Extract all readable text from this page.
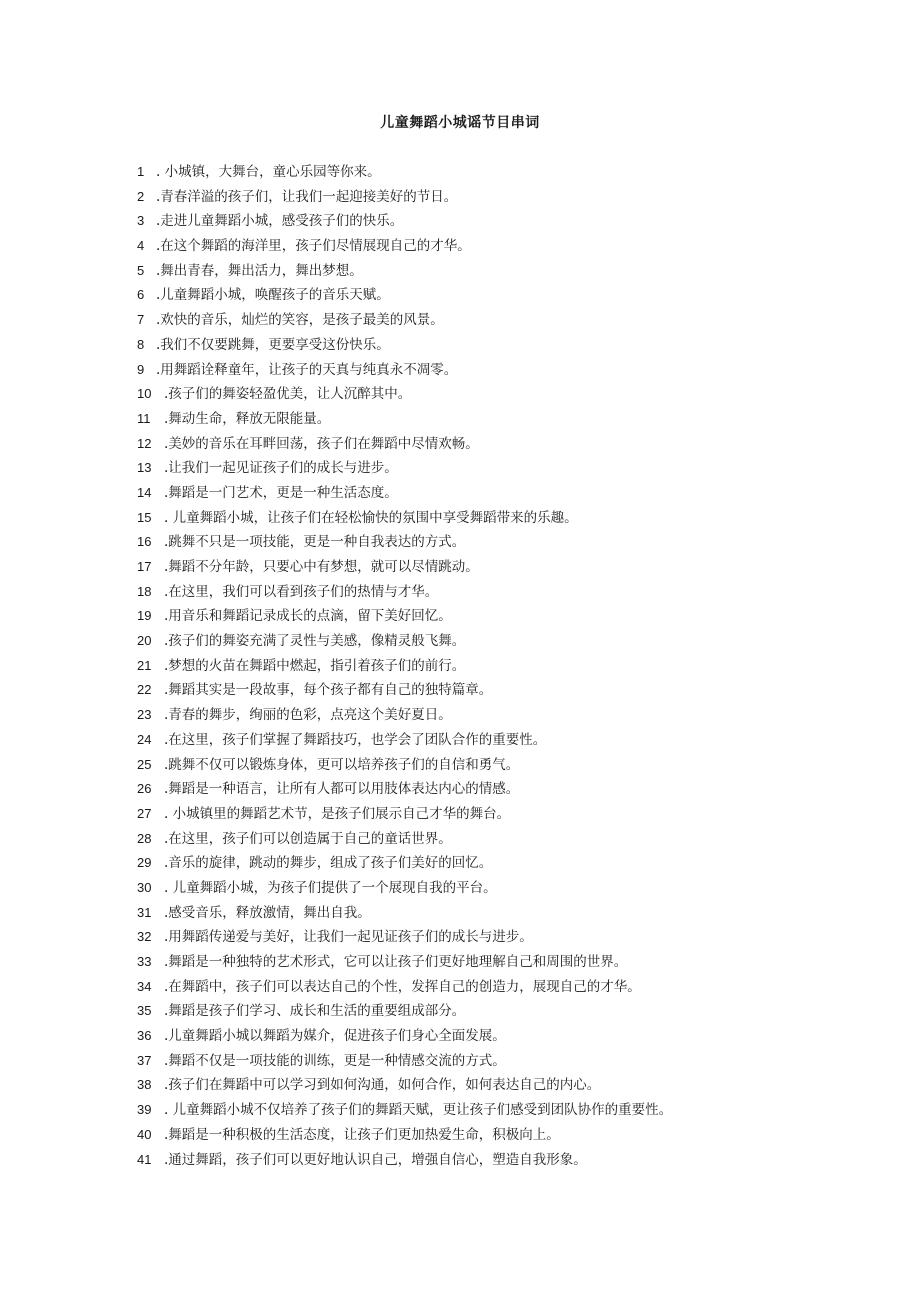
儿童舞蹈小城谣节目串词
1 . 小城镇，大舞台，童心乐园等你来。
2 .青春洋溢的孩子们，让我们一起迎接美好的节日。
3 .走进儿童舞蹈小城，感受孩子们的快乐。
4 .在这个舞蹈的海洋里，孩子们尽情展现自己的才华。
5 .舞出青春，舞出活力，舞出梦想。
6 .儿童舞蹈小城，唤醒孩子的音乐天赋。
7 .欢快的音乐，灿烂的笑容，是孩子最美的风景。
8 .我们不仅要跳舞，更要享受这份快乐。
9 .用舞蹈诠释童年，让孩子的天真与纯真永不凋零。
10 .孩子们的舞姿轻盈优美，让人沉醉其中。
11	.舞动生命，释放无限能量。
12 .美妙的音乐在耳畔回荡，孩子们在舞蹈中尽情欢畅。
13 .让我们一起见证孩子们的成长与进步。
14 .舞蹈是一门艺术，更是一种生活态度。
15 . 儿童舞蹈小城，让孩子们在轻松愉快的氛围中享受舞蹈带来的乐趣。
16 .跳舞不只是一项技能，更是一种自我表达的方式。
17 .舞蹈不分年龄，只要心中有梦想，就可以尽情跳动。
18 .在这里，我们可以看到孩子们的热情与才华。
19 .用音乐和舞蹈记录成长的点滴，留下美好回忆。
20 .孩子们的舞姿充满了灵性与美感，像精灵般飞舞。
21 .梦想的火苗在舞蹈中燃起，指引着孩子们的前行。
22 .舞蹈其实是一段故事，每个孩子都有自己的独特篇章。
23 .青春的舞步，绚丽的色彩，点亮这个美好夏日。
24 .在这里，孩子们掌握了舞蹈技巧，也学会了团队合作的重要性。
25 .跳舞不仅可以锻炼身体，更可以培养孩子们的自信和勇气。
26 .舞蹈是一种语言，让所有人都可以用肢体表达内心的情感。
27 . 小城镇里的舞蹈艺术节，是孩子们展示自己才华的舞台。
28 .在这里，孩子们可以创造属于自己的童话世界。
29 .音乐的旋律，跳动的舞步，组成了孩子们美好的回忆。
30 . 儿童舞蹈小城，为孩子们提供了一个展现自我的平台。
31 .感受音乐，释放激情，舞出自我。
32 .用舞蹈传递爱与美好，让我们一起见证孩子们的成长与进步。
33 .舞蹈是一种独特的艺术形式，它可以让孩子们更好地理解自己和周围的世界。
34 .在舞蹈中，孩子们可以表达自己的个性，发挥自己的创造力，展现自己的才华。
35 .舞蹈是孩子们学习、成长和生活的重要组成部分。
36 .儿童舞蹈小城以舞蹈为媒介，促进孩子们身心全面发展。
37 .舞蹈不仅是一项技能的训练，更是一种情感交流的方式。
38 .孩子们在舞蹈中可以学习到如何沟通，如何合作，如何表达自己的内心。
39 . 儿童舞蹈小城不仅培养了孩子们的舞蹈天赋，更让孩子们感受到团队协作的重要性。
40 .舞蹈是一种积极的生活态度，让孩子们更加热爱生命，积极向上。
41 .通过舞蹈，孩子们可以更好地认识自己，增强自信心，塑造自我形象。
